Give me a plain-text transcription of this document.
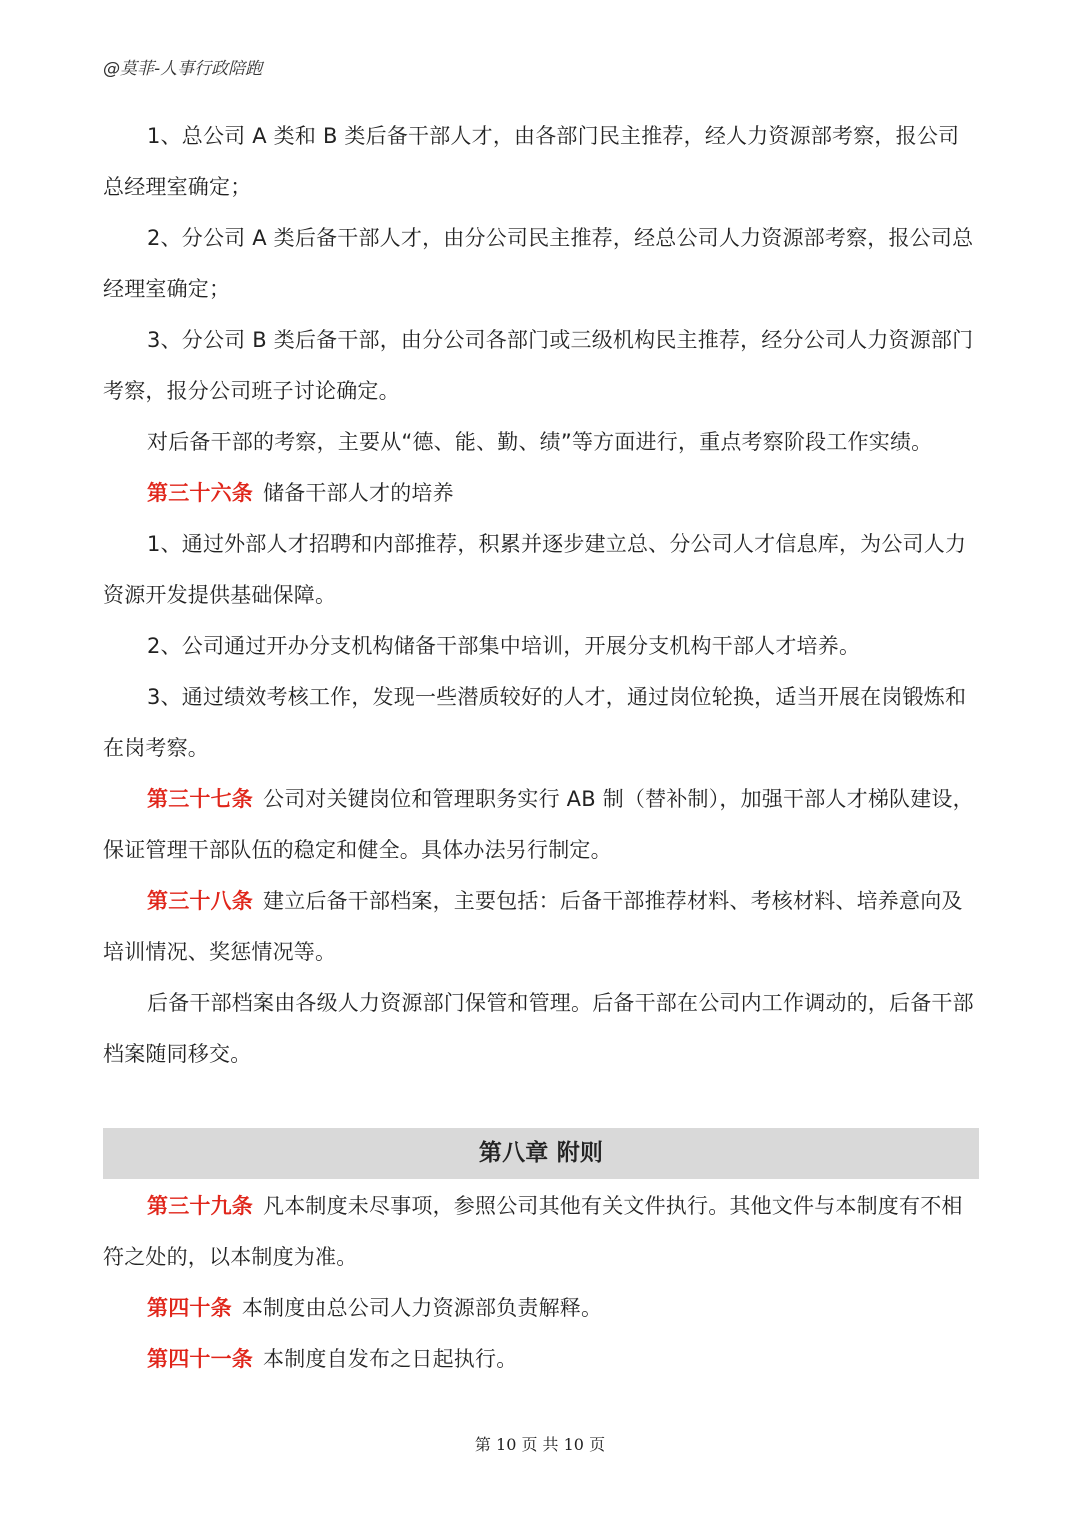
@莫菲-人事行政陪跑

1、总公司 A 类和 B 类后备干部人才，由各部门民主推荐，经人力资源部考察，报公司总经理室确定；

2、分公司 A 类后备干部人才，由分公司民主推荐，经总公司人力资源部考察，报公司总经理室确定；

3、分公司 B 类后备干部，由分公司各部门或三级机构民主推荐，经分公司人力资源部门考察，报分公司班子讨论确定。

对后备干部的考察，主要从“德、能、勤、绩”等方面进行，重点考察阶段工作实绩。

第三十六条 储备干部人才的培养

1、通过外部人才招聘和内部推荐，积累并逐步建立总、分公司人才信息库，为公司人力资源开发提供基础保障。

2、公司通过开办分支机构储备干部集中培训，开展分支机构干部人才培养。

3、通过绩效考核工作，发现一些潜质较好的人才，通过岗位轮换，适当开展在岗锻炼和在岗考察。

第三十七条 公司对关键岗位和管理职务实行 AB 制（替补制），加强干部人才梯队建设，保证管理干部队伍的稳定和健全。具体办法另行制定。

第三十八条 建立后备干部档案，主要包括：后备干部推荐材料、考核材料、培养意向及培训情况、奖惩情况等。

后备干部档案由各级人力资源部门保管和管理。后备干部在公司内工作调动的，后备干部档案随同移交。

第八章 附则

第三十九条 凡本制度未尽事项，参照公司其他有关文件执行。其他文件与本制度有不相符之处的，以本制度为准。

第四十条 本制度由总公司人力资源部负责解释。

第四十一条 本制度自发布之日起执行。

第 10 页 共 10 页
